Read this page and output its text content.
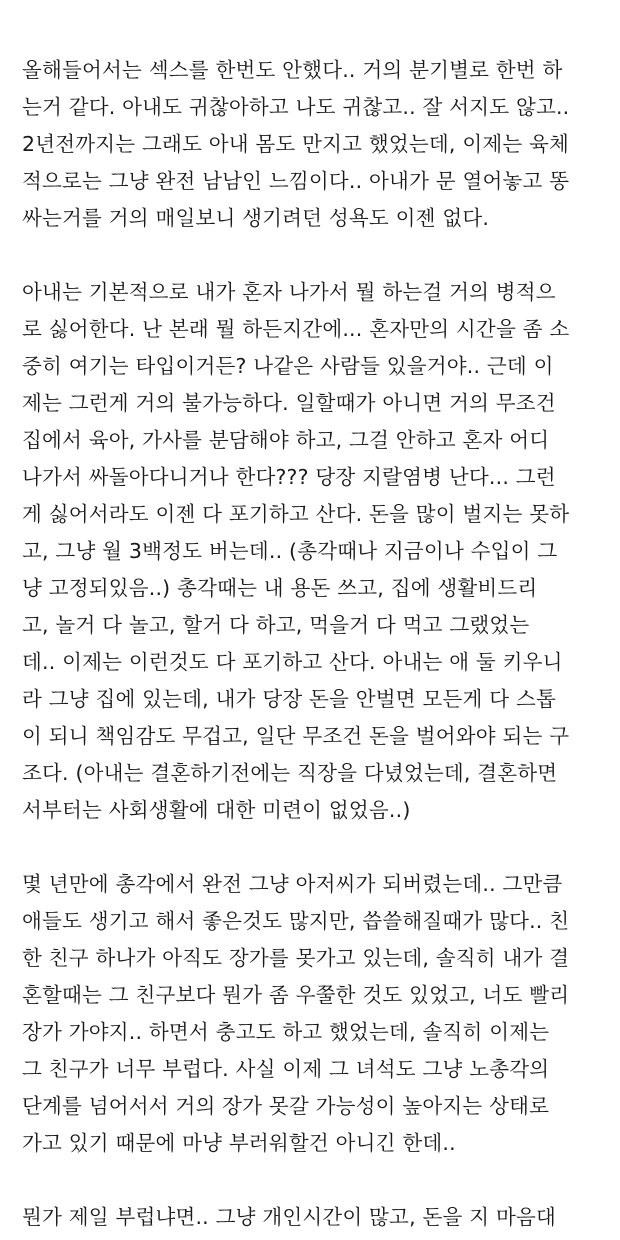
올해들어서는 섹스를 한번도 안했다.. 거의 분기별로 한번 하
는거 같다. 아내도 귀찮아하고 나도 귀찮고.. 잘 서지도 않고..
2년전까지는 그래도 아내 몸도 만지고 했었는데, 이제는 육체
적으로는 그냥 완전 남남인 느낌이다.. 아내가 문 열어놓고 똥
싸는거를 거의 매일보니 생기려던 성욕도 이젠 없다.

아내는 기본적으로 내가 혼자 나가서 뭘 하는걸 거의 병적으
로 싫어한다. 난 본래 뭘 하든지간에... 혼자만의 시간을 좀 소
중히 여기는 타입이거든? 나같은 사람들 있을거야.. 근데 이
제는 그런게 거의 불가능하다. 일할때가 아니면 거의 무조건
집에서 육아, 가사를 분담해야 하고, 그걸 안하고 혼자 어디
나가서 싸돌아다니거나 한다??? 당장 지랄염병 난다... 그런
게 싫어서라도 이젠 다 포기하고 산다. 돈을 많이 벌지는 못하
고, 그냥 월 3백정도 버는데.. (총각때나 지금이나 수입이 그
냥 고정되있음..) 총각때는 내 용돈 쓰고, 집에 생활비드리
고, 놀거 다 놀고, 할거 다 하고, 먹을거 다 먹고 그랬었는
데.. 이제는 이런것도 다 포기하고 산다. 아내는 애 둘 키우니
라 그냥 집에 있는데, 내가 당장 돈을 안벌면 모든게 다 스톱
이 되니 책임감도 무겁고, 일단 무조건 돈을 벌어와야 되는 구
조다. (아내는 결혼하기전에는 직장을 다녔었는데, 결혼하면
서부터는 사회생활에 대한 미련이 없었음..)

몇 년만에 총각에서 완전 그냥 아저씨가 되버렸는데.. 그만큼
애들도 생기고 해서 좋은것도 많지만, 씁쓸해질때가 많다.. 친
한 친구 하나가 아직도 장가를 못가고 있는데, 솔직히 내가 결
혼할때는 그 친구보다 뭔가 좀 우쭐한 것도 있었고, 너도 빨리
장가 가야지.. 하면서 충고도 하고 했었는데, 솔직히 이제는
그 친구가 너무 부럽다. 사실 이제 그 녀석도 그냥 노총각의
단계를 넘어서서 거의 장가 못갈 가능성이 높아지는 상태로
가고 있기 때문에 마냥 부러워할건 아니긴 한데..

뭔가 제일 부럽냐면.. 그냥 개인시간이 많고, 돈을 지 마음대
